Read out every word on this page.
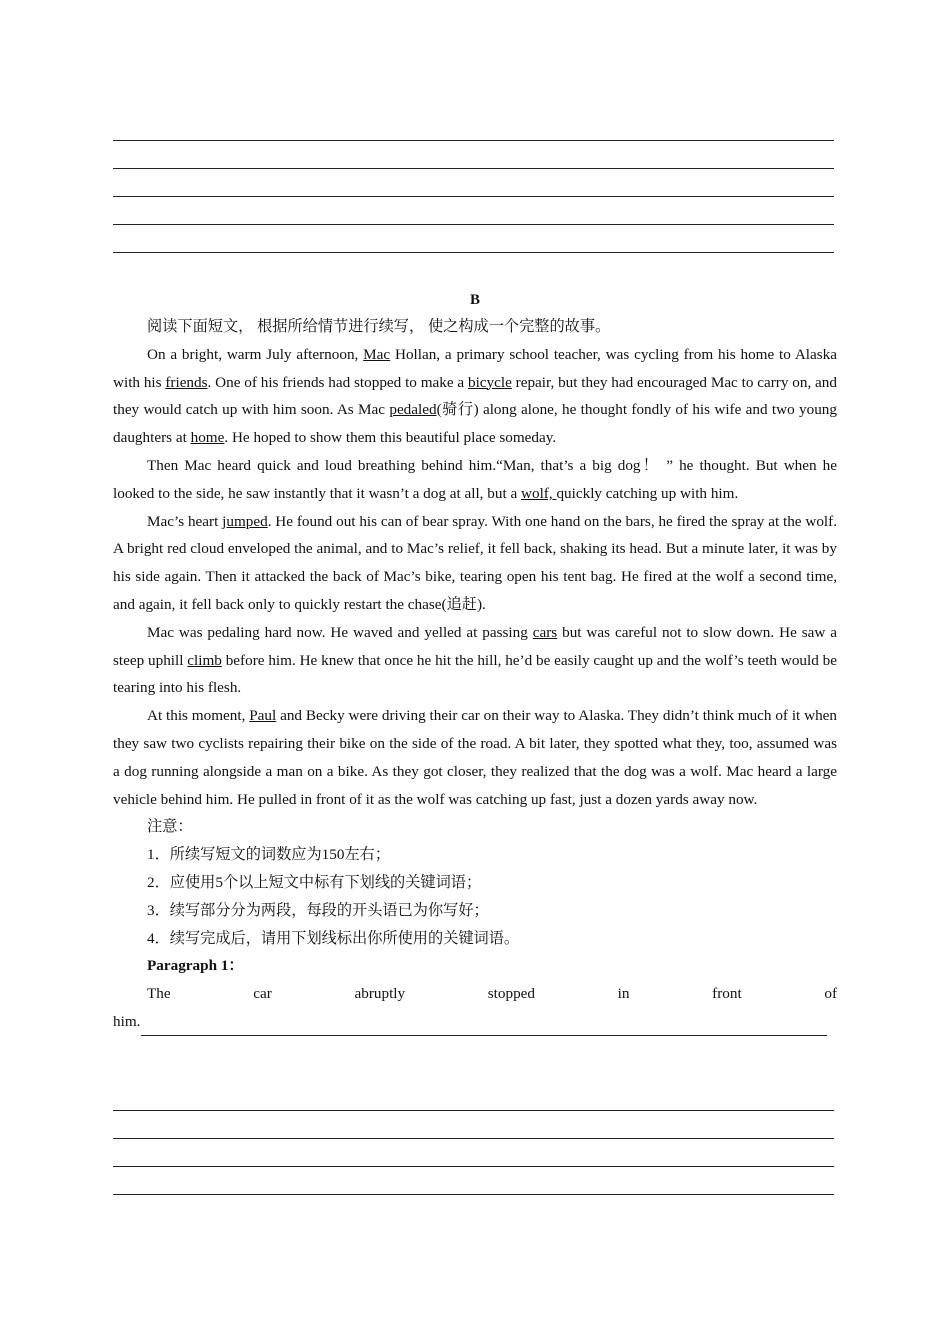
B

阅读下面短文， 根据所给情节进行续写， 使之构成一个完整的故事。

On a bright, warm July afternoon, Mac Hollan, a primary school teacher, was cycling from his home to Alaska with his friends. One of his friends had stopped to make a bicycle repair, but they had encouraged Mac to carry on, and they would catch up with him soon. As Mac pedaled(骑行) along alone, he thought fondly of his wife and two young daughters at home. He hoped to show them this beautiful place someday.

Then Mac heard quick and loud breathing behind him.“Man, that’s a big dog！ ” he thought. But when he looked to the side, he saw instantly that it wasn’t a dog at all, but a wolf, quickly catching up with him.

Mac’s heart jumped. He found out his can of bear spray. With one hand on the bars, he fired the spray at the wolf. A bright red cloud enveloped the animal, and to Mac’s relief, it fell back, shaking its head. But a minute later, it was by his side again. Then it attacked the back of Mac’s bike, tearing open his tent bag. He fired at the wolf a second time, and again, it fell back only to quickly restart the chase(追赶).

Mac was pedaling hard now. He waved and yelled at passing cars but was careful not to slow down. He saw a steep uphill climb before him. He knew that once he hit the hill, he’d be easily caught up and the wolf’s teeth would be tearing into his flesh.

At this moment, Paul and Becky were driving their car on their way to Alaska. They didn’t think much of it when they saw two cyclists repairing their bike on the side of the road. A bit later, they spotted what they, too, assumed was a dog running alongside a man on a bike. As they got closer, they realized that the dog was a wolf. Mac heard a large vehicle behind him. He pulled in front of it as the wolf was catching up fast, just a dozen yards away now.

注意：

1．所续写短文的词数应为150左右；

2．应使用5个以上短文中标有下划线的关键词语；

3．续写部分分为两段，每段的开头语已为你写好；

4．续写完成后，请用下划线标出你所使用的关键词语。

Paragraph 1：

The	car	abruptly	stopped	in	front	of
him.
